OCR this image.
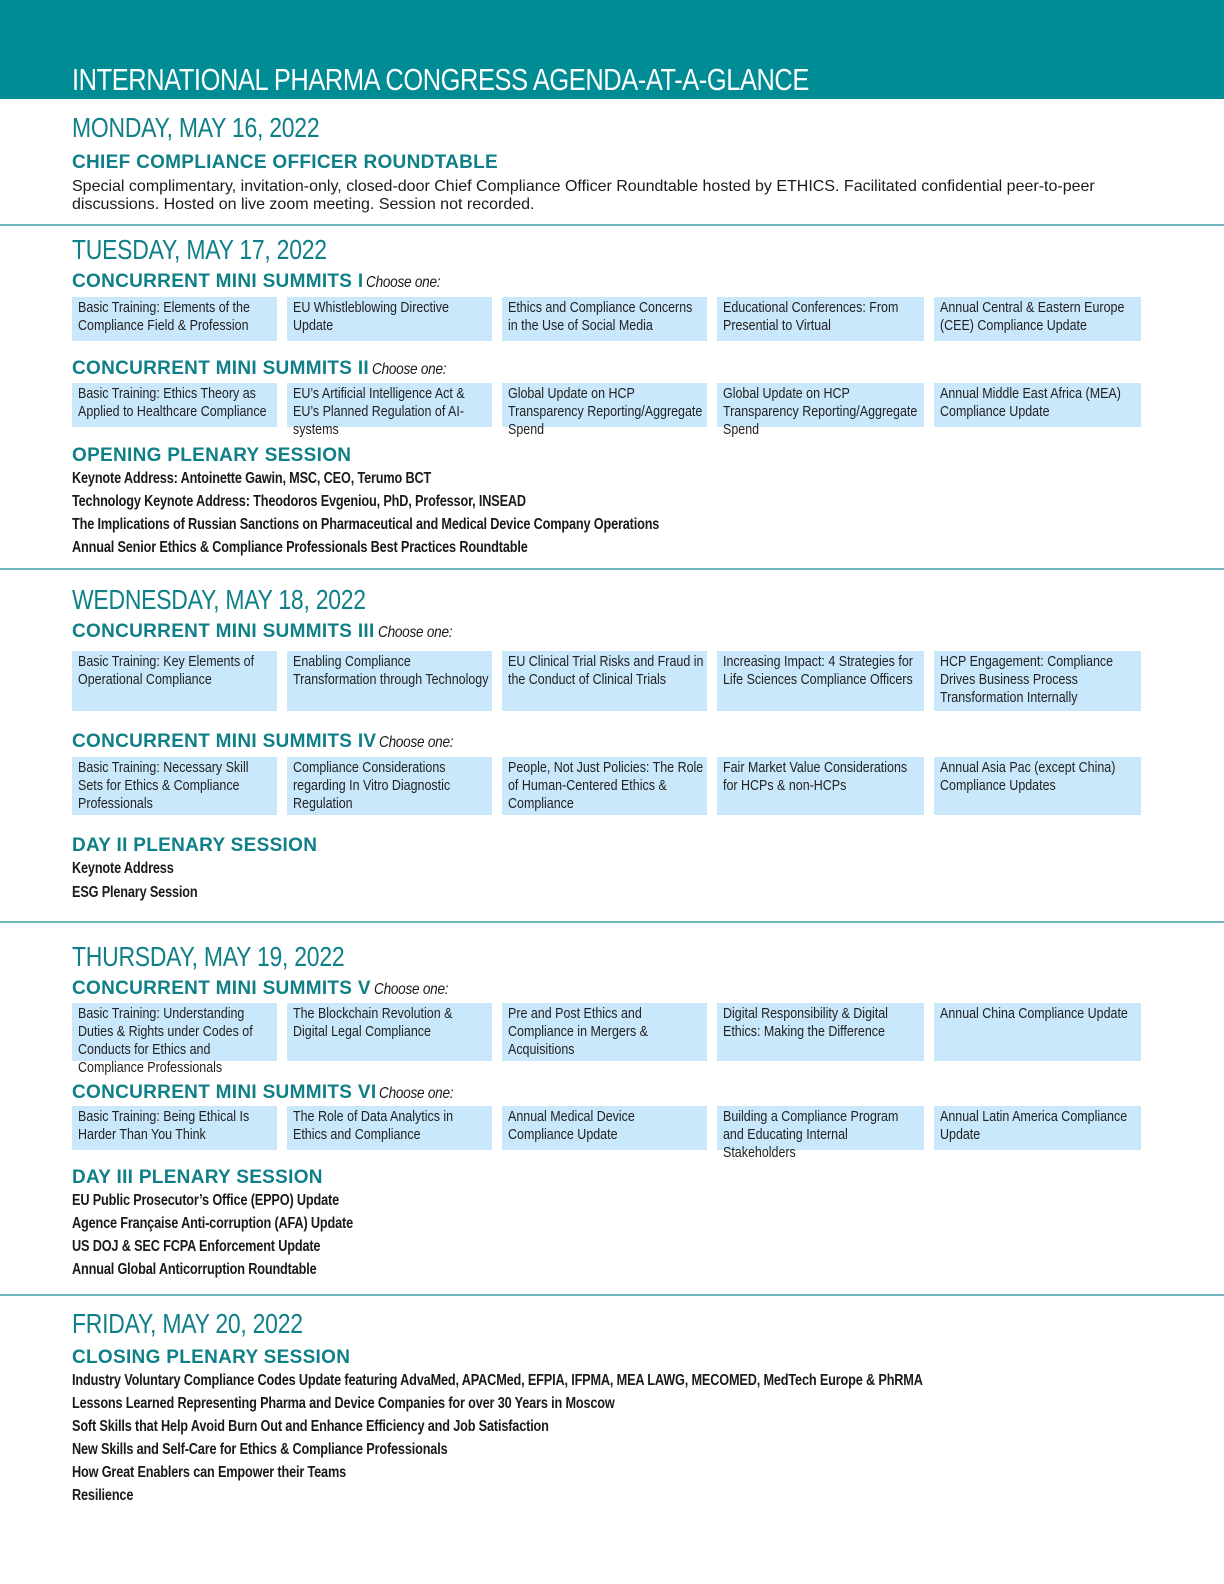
INTERNATIONAL PHARMA CONGRESS AGENDA-AT-A-GLANCE
MONDAY, MAY 16, 2022
CHIEF COMPLIANCE OFFICER ROUNDTABLE
Special complimentary, invitation-only, closed-door Chief Compliance Officer Roundtable hosted by ETHICS. Facilitated confidential peer-to-peer discussions. Hosted on live zoom meeting. Session not recorded.
TUESDAY, MAY 17, 2022
CONCURRENT MINI SUMMITS I Choose one:
Basic Training: Elements of the Compliance Field & Profession
EU Whistleblowing Directive Update
Ethics and Compliance Concerns in the Use of Social Media
Educational Conferences: From Presential to Virtual
Annual Central & Eastern Europe (CEE) Compliance Update
CONCURRENT MINI SUMMITS II Choose one:
Basic Training: Ethics Theory as Applied to Healthcare Compliance
EU’s Artificial Intelligence Act & EU’s Planned Regulation of AI-systems
Global Update on HCP Transparency Reporting/Aggregate Spend
Global Update on HCP Transparency Reporting/Aggregate Spend
Annual Middle East Africa (MEA) Compliance Update
OPENING PLENARY SESSION
Keynote Address: Antoinette Gawin, MSC, CEO, Terumo BCT
Technology Keynote Address: Theodoros Evgeniou, PhD, Professor, INSEAD
The Implications of Russian Sanctions on Pharmaceutical and Medical Device Company Operations
Annual Senior Ethics & Compliance Professionals Best Practices Roundtable
WEDNESDAY, MAY 18, 2022
CONCURRENT MINI SUMMITS III Choose one:
Basic Training: Key Elements of Operational Compliance
Enabling Compliance Transformation through Technology
EU Clinical Trial Risks and Fraud in the Conduct of Clinical Trials
Increasing Impact: 4 Strategies for Life Sciences Compliance Officers
HCP Engagement: Compliance Drives Business Process Transformation Internally
CONCURRENT MINI SUMMITS IV Choose one:
Basic Training: Necessary Skill Sets for Ethics & Compliance Professionals
Compliance Considerations regarding In Vitro Diagnostic Regulation
People, Not Just Policies: The Role of Human-Centered Ethics & Compliance
Fair Market Value Considerations for HCPs & non-HCPs
Annual Asia Pac (except China) Compliance Updates
DAY II PLENARY SESSION
Keynote Address
ESG Plenary Session
THURSDAY, MAY 19, 2022
CONCURRENT MINI SUMMITS V Choose one:
Basic Training: Understanding Duties & Rights under Codes of Conducts for Ethics and Compliance Professionals
The Blockchain Revolution & Digital Legal Compliance
Pre and Post Ethics and Compliance in Mergers & Acquisitions
Digital Responsibility & Digital Ethics: Making the Difference
Annual China Compliance Update
CONCURRENT MINI SUMMITS VI Choose one:
Basic Training: Being Ethical Is Harder Than You Think
The Role of Data Analytics in Ethics and Compliance
Annual Medical Device Compliance Update
Building a Compliance Program and Educating Internal Stakeholders
Annual Latin America Compliance Update
DAY III PLENARY SESSION
EU Public Prosecutor’s Office (EPPO) Update
Agence Française Anti-corruption (AFA) Update
US DOJ & SEC FCPA Enforcement Update
Annual Global Anticorruption Roundtable
FRIDAY, MAY 20, 2022
CLOSING PLENARY SESSION
Industry Voluntary Compliance Codes Update featuring AdvaMed, APACMed, EFPIA, IFPMA, MEA LAWG, MECOMED, MedTech Europe & PhRMA
Lessons Learned Representing Pharma and Device Companies for over 30 Years in Moscow
Soft Skills that Help Avoid Burn Out and Enhance Efficiency and Job Satisfaction
New Skills and Self-Care for Ethics & Compliance Professionals
How Great Enablers can Empower their Teams
Resilience
